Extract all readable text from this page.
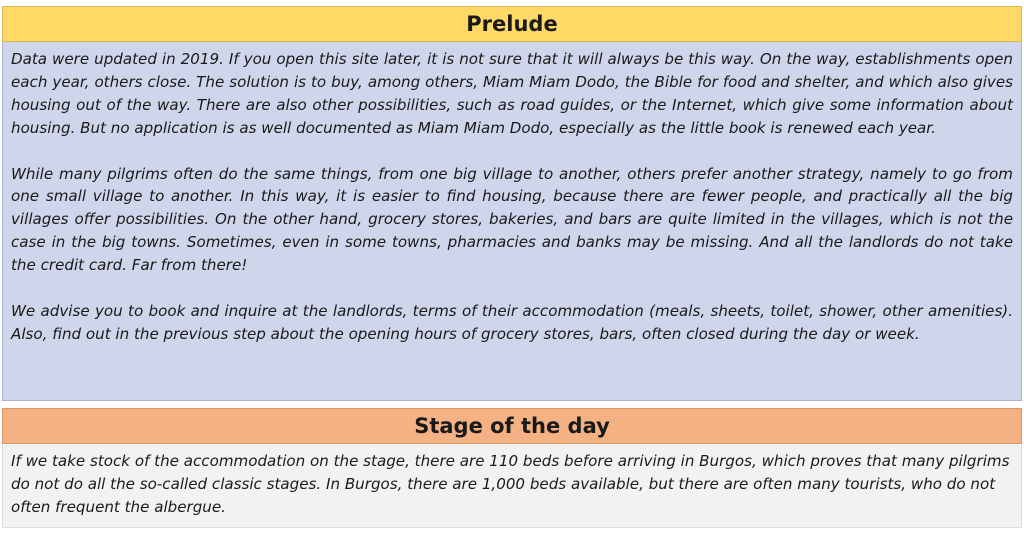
Prelude

Data were updated in 2019. If you open this site later, it is not sure that it will always be this way. On the way, establishments open each year, others close. The solution is to buy, among others, Miam Miam Dodo, the Bible for food and shelter, and which also gives housing out of the way. There are also other possibilities, such as road guides, or the Internet, which give some information about housing. But no application is as well documented as Miam Miam Dodo, especially as the little book is renewed each year.

While many pilgrims often do the same things, from one big village to another, others prefer another strategy, namely to go from one small village to another. In this way, it is easier to find housing, because there are fewer people, and practically all the big villages offer possibilities. On the other hand, grocery stores, bakeries, and bars are quite limited in the villages, which is not the case in the big towns. Sometimes, even in some towns, pharmacies and banks may be missing. And all the landlords do not take the credit card. Far from there!

We advise you to book and inquire at the landlords, terms of their accommodation (meals, sheets, toilet, shower, other amenities). Also, find out in the previous step about the opening hours of grocery stores, bars, often closed during the day or week.

Stage of the day

If we take stock of the accommodation on the stage, there are 110 beds before arriving in Burgos, which proves that many pilgrims do not do all the so-called classic stages. In Burgos, there are 1,000 beds available, but there are often many tourists, who do not often frequent the albergue.
